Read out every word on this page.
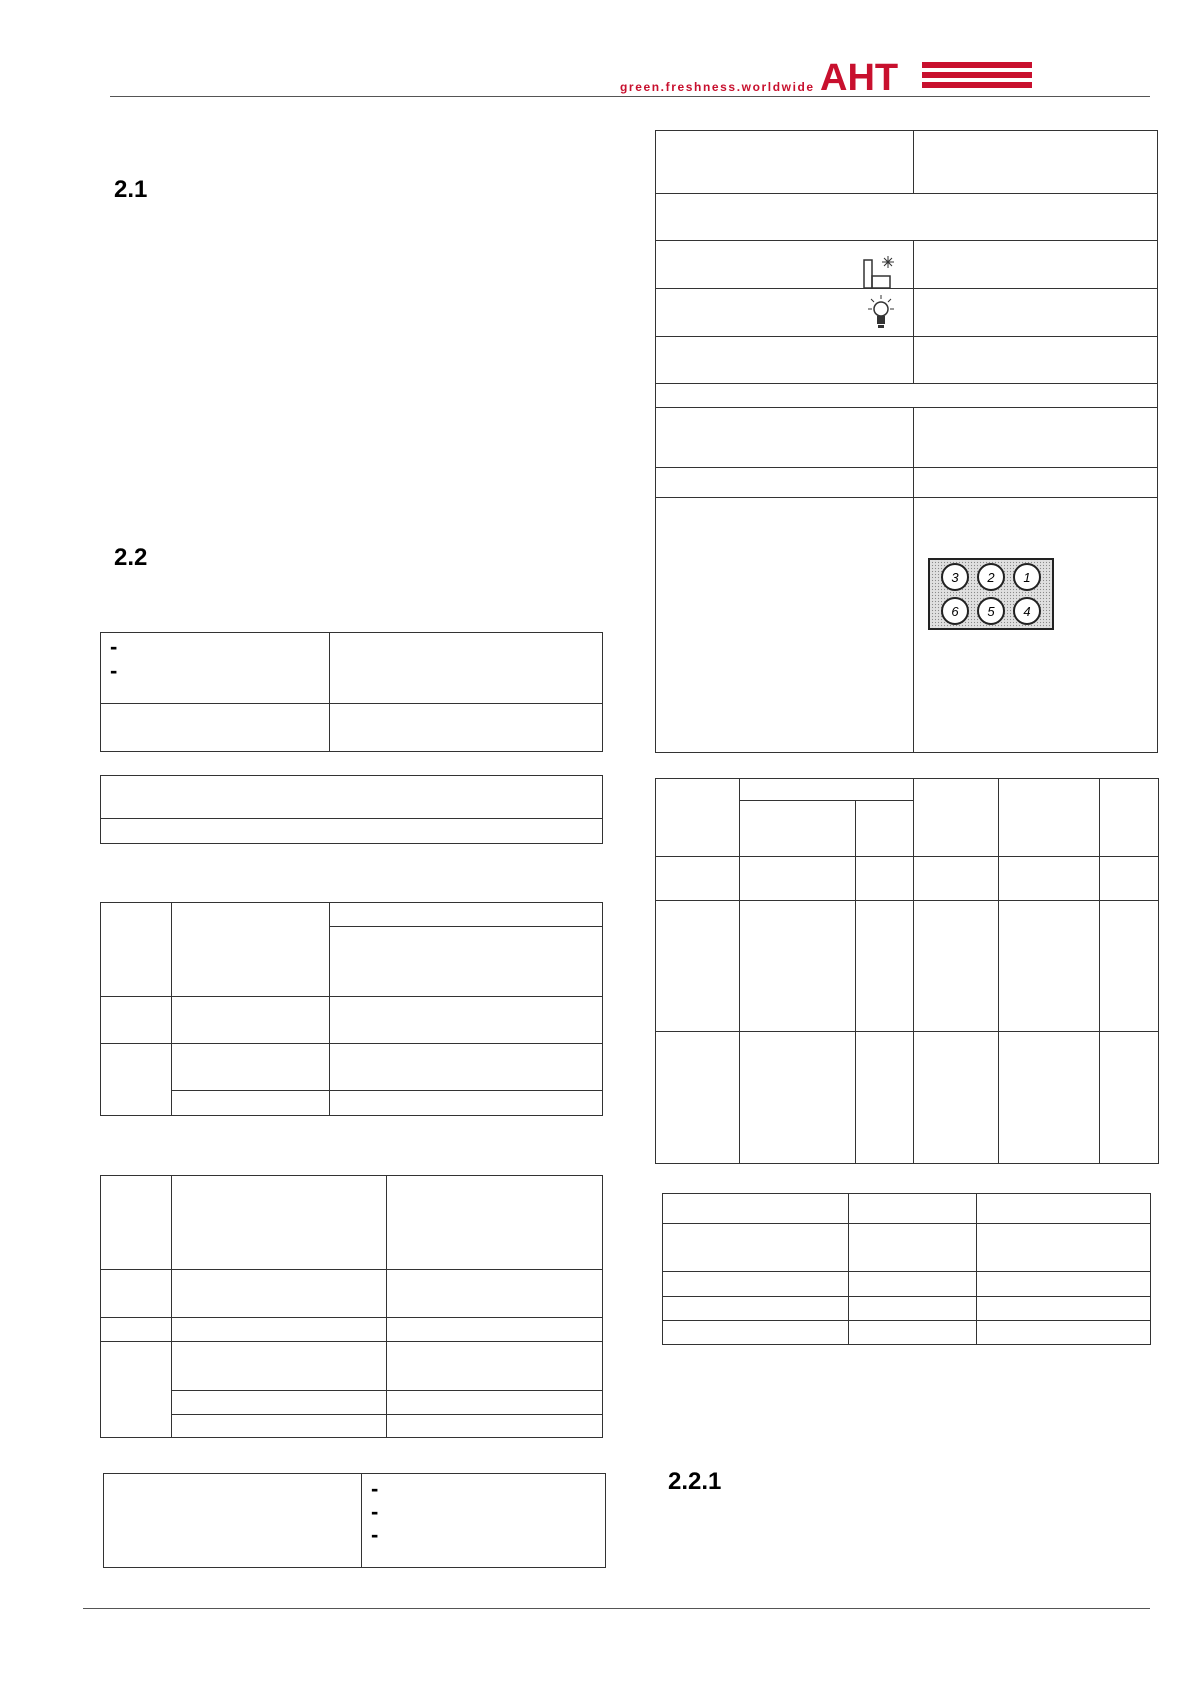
green.freshness.worldwide AHT
2.1
2.2
2.2.1
-
-
-
-
-
3 2 1
6 5 4
